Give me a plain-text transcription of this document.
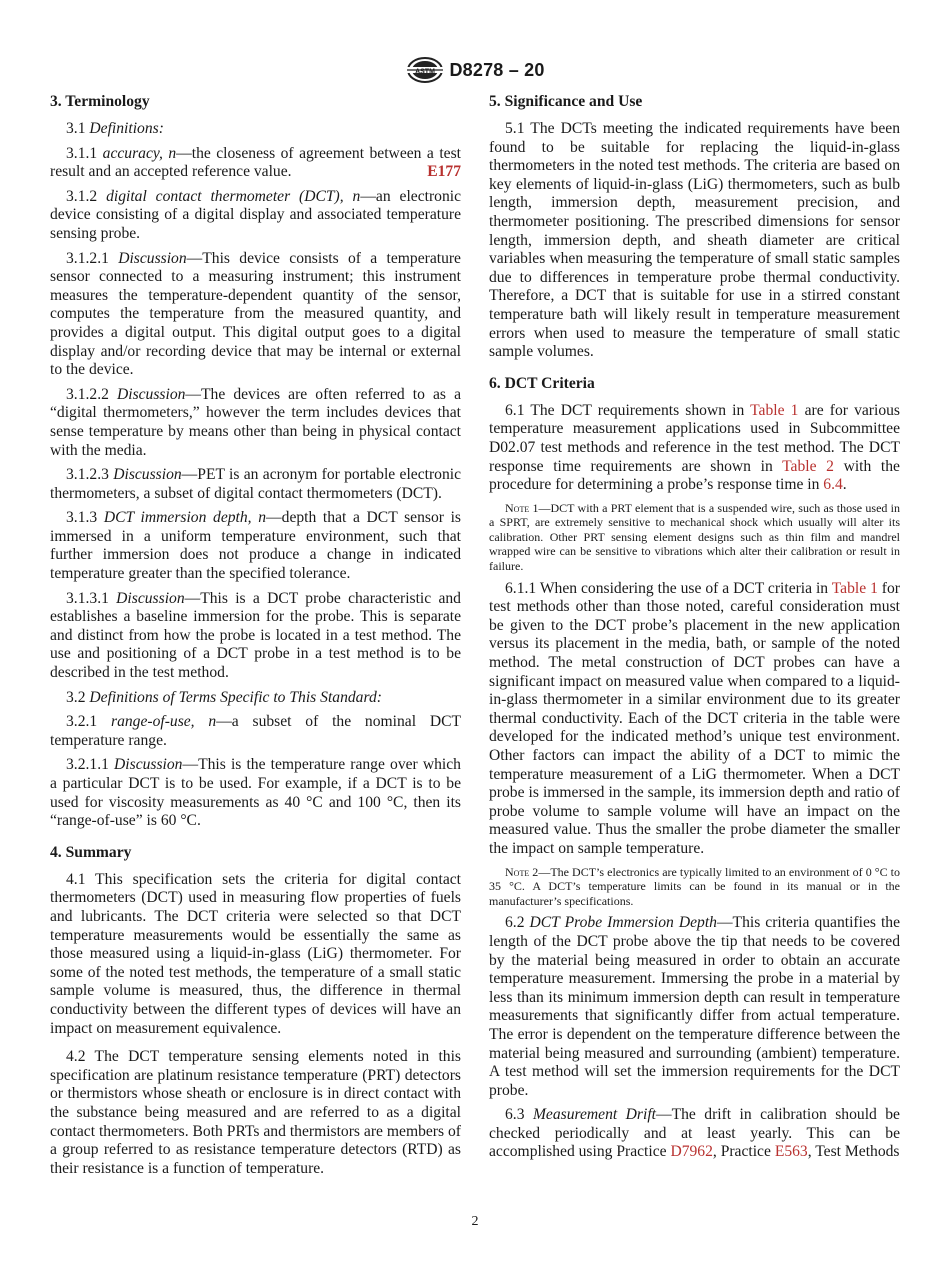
ASTM D8278 – 20
3. Terminology

3.1 Definitions:

3.1.1 accuracy, n—the closeness of agreement between a test result and an accepted reference value.	E177

3.1.2 digital contact thermometer (DCT), n—an electronic device consisting of a digital display and associated temperature sensing probe.

3.1.2.1 Discussion—This device consists of a temperature sensor connected to a measuring instrument; this instrument measures the temperature-dependent quantity of the sensor, computes the temperature from the measured quantity, and provides a digital output. This digital output goes to a digital display and/or recording device that may be internal or external to the device.

3.1.2.2 Discussion—The devices are often referred to as a “digital thermometers,” however the term includes devices that sense temperature by means other than being in physical contact with the media.

3.1.2.3 Discussion—PET is an acronym for portable electronic thermometers, a subset of digital contact thermometers (DCT).

3.1.3 DCT immersion depth, n—depth that a DCT sensor is immersed in a uniform temperature environment, such that further immersion does not produce a change in indicated temperature greater than the specified tolerance.

3.1.3.1 Discussion—This is a DCT probe characteristic and establishes a baseline immersion for the probe. This is separate and distinct from how the probe is located in a test method. The use and positioning of a DCT probe in a test method is to be described in the test method.

3.2 Definitions of Terms Specific to This Standard:

3.2.1 range-of-use, n—a subset of the nominal DCT temperature range.

3.2.1.1 Discussion—This is the temperature range over which a particular DCT is to be used. For example, if a DCT is to be used for viscosity measurements as 40 °C and 100 °C, then its “range-of-use” is 60 °C.

4. Summary

4.1 This specification sets the criteria for digital contact thermometers (DCT) used in measuring flow properties of fuels and lubricants. The DCT criteria were selected so that DCT temperature measurements would be essentially the same as those measured using a liquid-in-glass (LiG) thermometer. For some of the noted test methods, the temperature of a small static sample volume is measured, thus, the difference in thermal conductivity between the different types of devices will have an impact on measurement equivalence.

4.2 The DCT temperature sensing elements noted in this specification are platinum resistance temperature (PRT) detectors or thermistors whose sheath or enclosure is in direct contact with the substance being measured and are referred to as a digital contact thermometers. Both PRTs and thermistors are members of a group referred to as resistance temperature detectors (RTD) as their resistance is a function of temperature.

5. Significance and Use

5.1 The DCTs meeting the indicated requirements have been found to be suitable for replacing the liquid-in-glass thermometers in the noted test methods. The criteria are based on key elements of liquid-in-glass (LiG) thermometers, such as bulb length, immersion depth, measurement precision, and thermometer positioning. The prescribed dimensions for sensor length, immersion depth, and sheath diameter are critical variables when measuring the temperature of small static samples due to differences in temperature probe thermal conductivity. Therefore, a DCT that is suitable for use in a stirred constant temperature bath will likely result in temperature measurement errors when used to measure the temperature of small static sample volumes.

6. DCT Criteria

6.1 The DCT requirements shown in Table 1 are for various temperature measurement applications used in Subcommittee D02.07 test methods and reference in the test method. The DCT response time requirements are shown in Table 2 with the procedure for determining a probe’s response time in 6.4.

Note 1—DCT with a PRT element that is a suspended wire, such as those used in a SPRT, are extremely sensitive to mechanical shock which usually will alter its calibration. Other PRT sensing element designs such as thin film and mandrel wrapped wire can be sensitive to vibrations which alter their calibration or result in failure.

6.1.1 When considering the use of a DCT criteria in Table 1 for test methods other than those noted, careful consideration must be given to the DCT probe’s placement in the new application versus its placement in the media, bath, or sample of the noted method. The metal construction of DCT probes can have a significant impact on measured value when compared to a liquid-in-glass thermometer in a similar environment due to its greater thermal conductivity. Each of the DCT criteria in the table were developed for the indicated method’s unique test environment. Other factors can impact the ability of a DCT to mimic the temperature measurement of a LiG thermometer. When a DCT probe is immersed in the sample, its immersion depth and ratio of probe volume to sample volume will have an impact on the measured value. Thus the smaller the probe diameter the smaller the impact on sample temperature.

Note 2—The DCT’s electronics are typically limited to an environment of 0 °C to 35 °C. A DCT’s temperature limits can be found in its manual or in the manufacturer’s specifications.

6.2 DCT Probe Immersion Depth—This criteria quantifies the length of the DCT probe above the tip that needs to be covered by the material being measured in order to obtain an accurate temperature measurement. Immersing the probe in a material by less than its minimum immersion depth can result in temperature measurements that significantly differ from actual temperature. The error is dependent on the temperature difference between the material being measured and surrounding (ambient) temperature. A test method will set the immersion requirements for the DCT probe.

6.3 Measurement Drift—The drift in calibration should be checked periodically and at least yearly. This can be accomplished using Practice D7962, Practice E563, Test Methods

2
